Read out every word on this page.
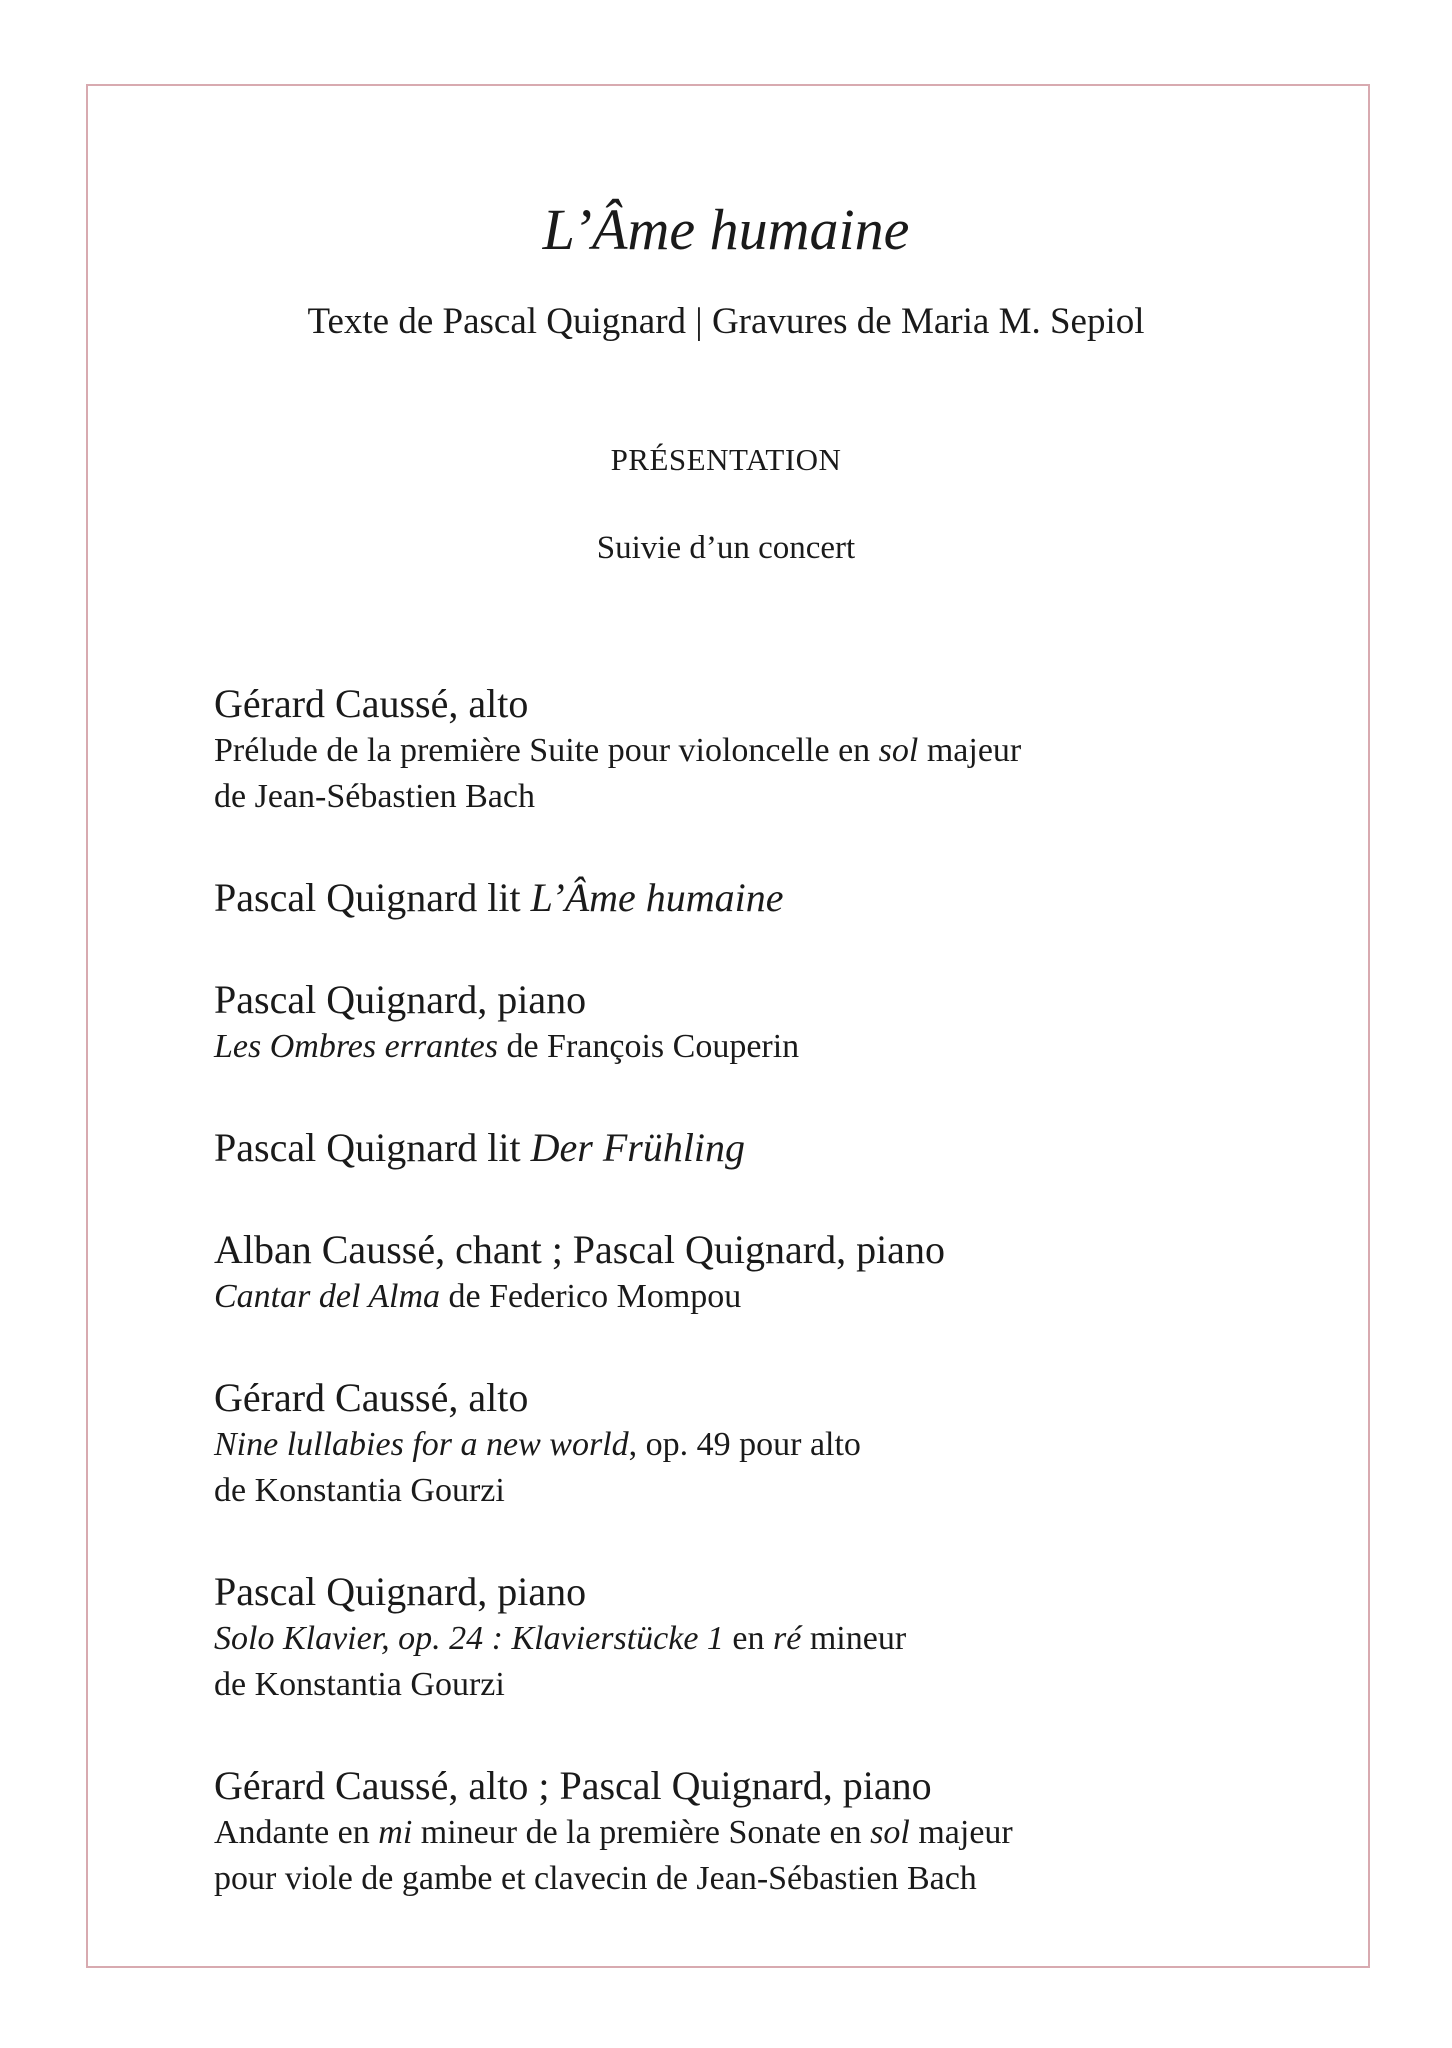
L’Âme humaine
Texte de Pascal Quignard | Gravures de Maria M. Sepiol
PRÉSENTATION
Suivie d’un concert
Gérard Caussé, alto
Prélude de la première Suite pour violoncelle en sol majeur
de Jean-Sébastien Bach
Pascal Quignard lit L’Âme humaine
Pascal Quignard, piano
Les Ombres errantes de François Couperin
Pascal Quignard lit Der Frühling
Alban Caussé, chant ; Pascal Quignard, piano
Cantar del Alma de Federico Mompou
Gérard Caussé, alto
Nine lullabies for a new world, op. 49 pour alto
de Konstantia Gourzi
Pascal Quignard, piano
Solo Klavier, op. 24 : Klavierstücke 1 en ré mineur
de Konstantia Gourzi
Gérard Caussé, alto ; Pascal Quignard, piano
Andante en mi mineur de la première Sonate en sol majeur
pour viole de gambe et clavecin de Jean-Sébastien Bach
